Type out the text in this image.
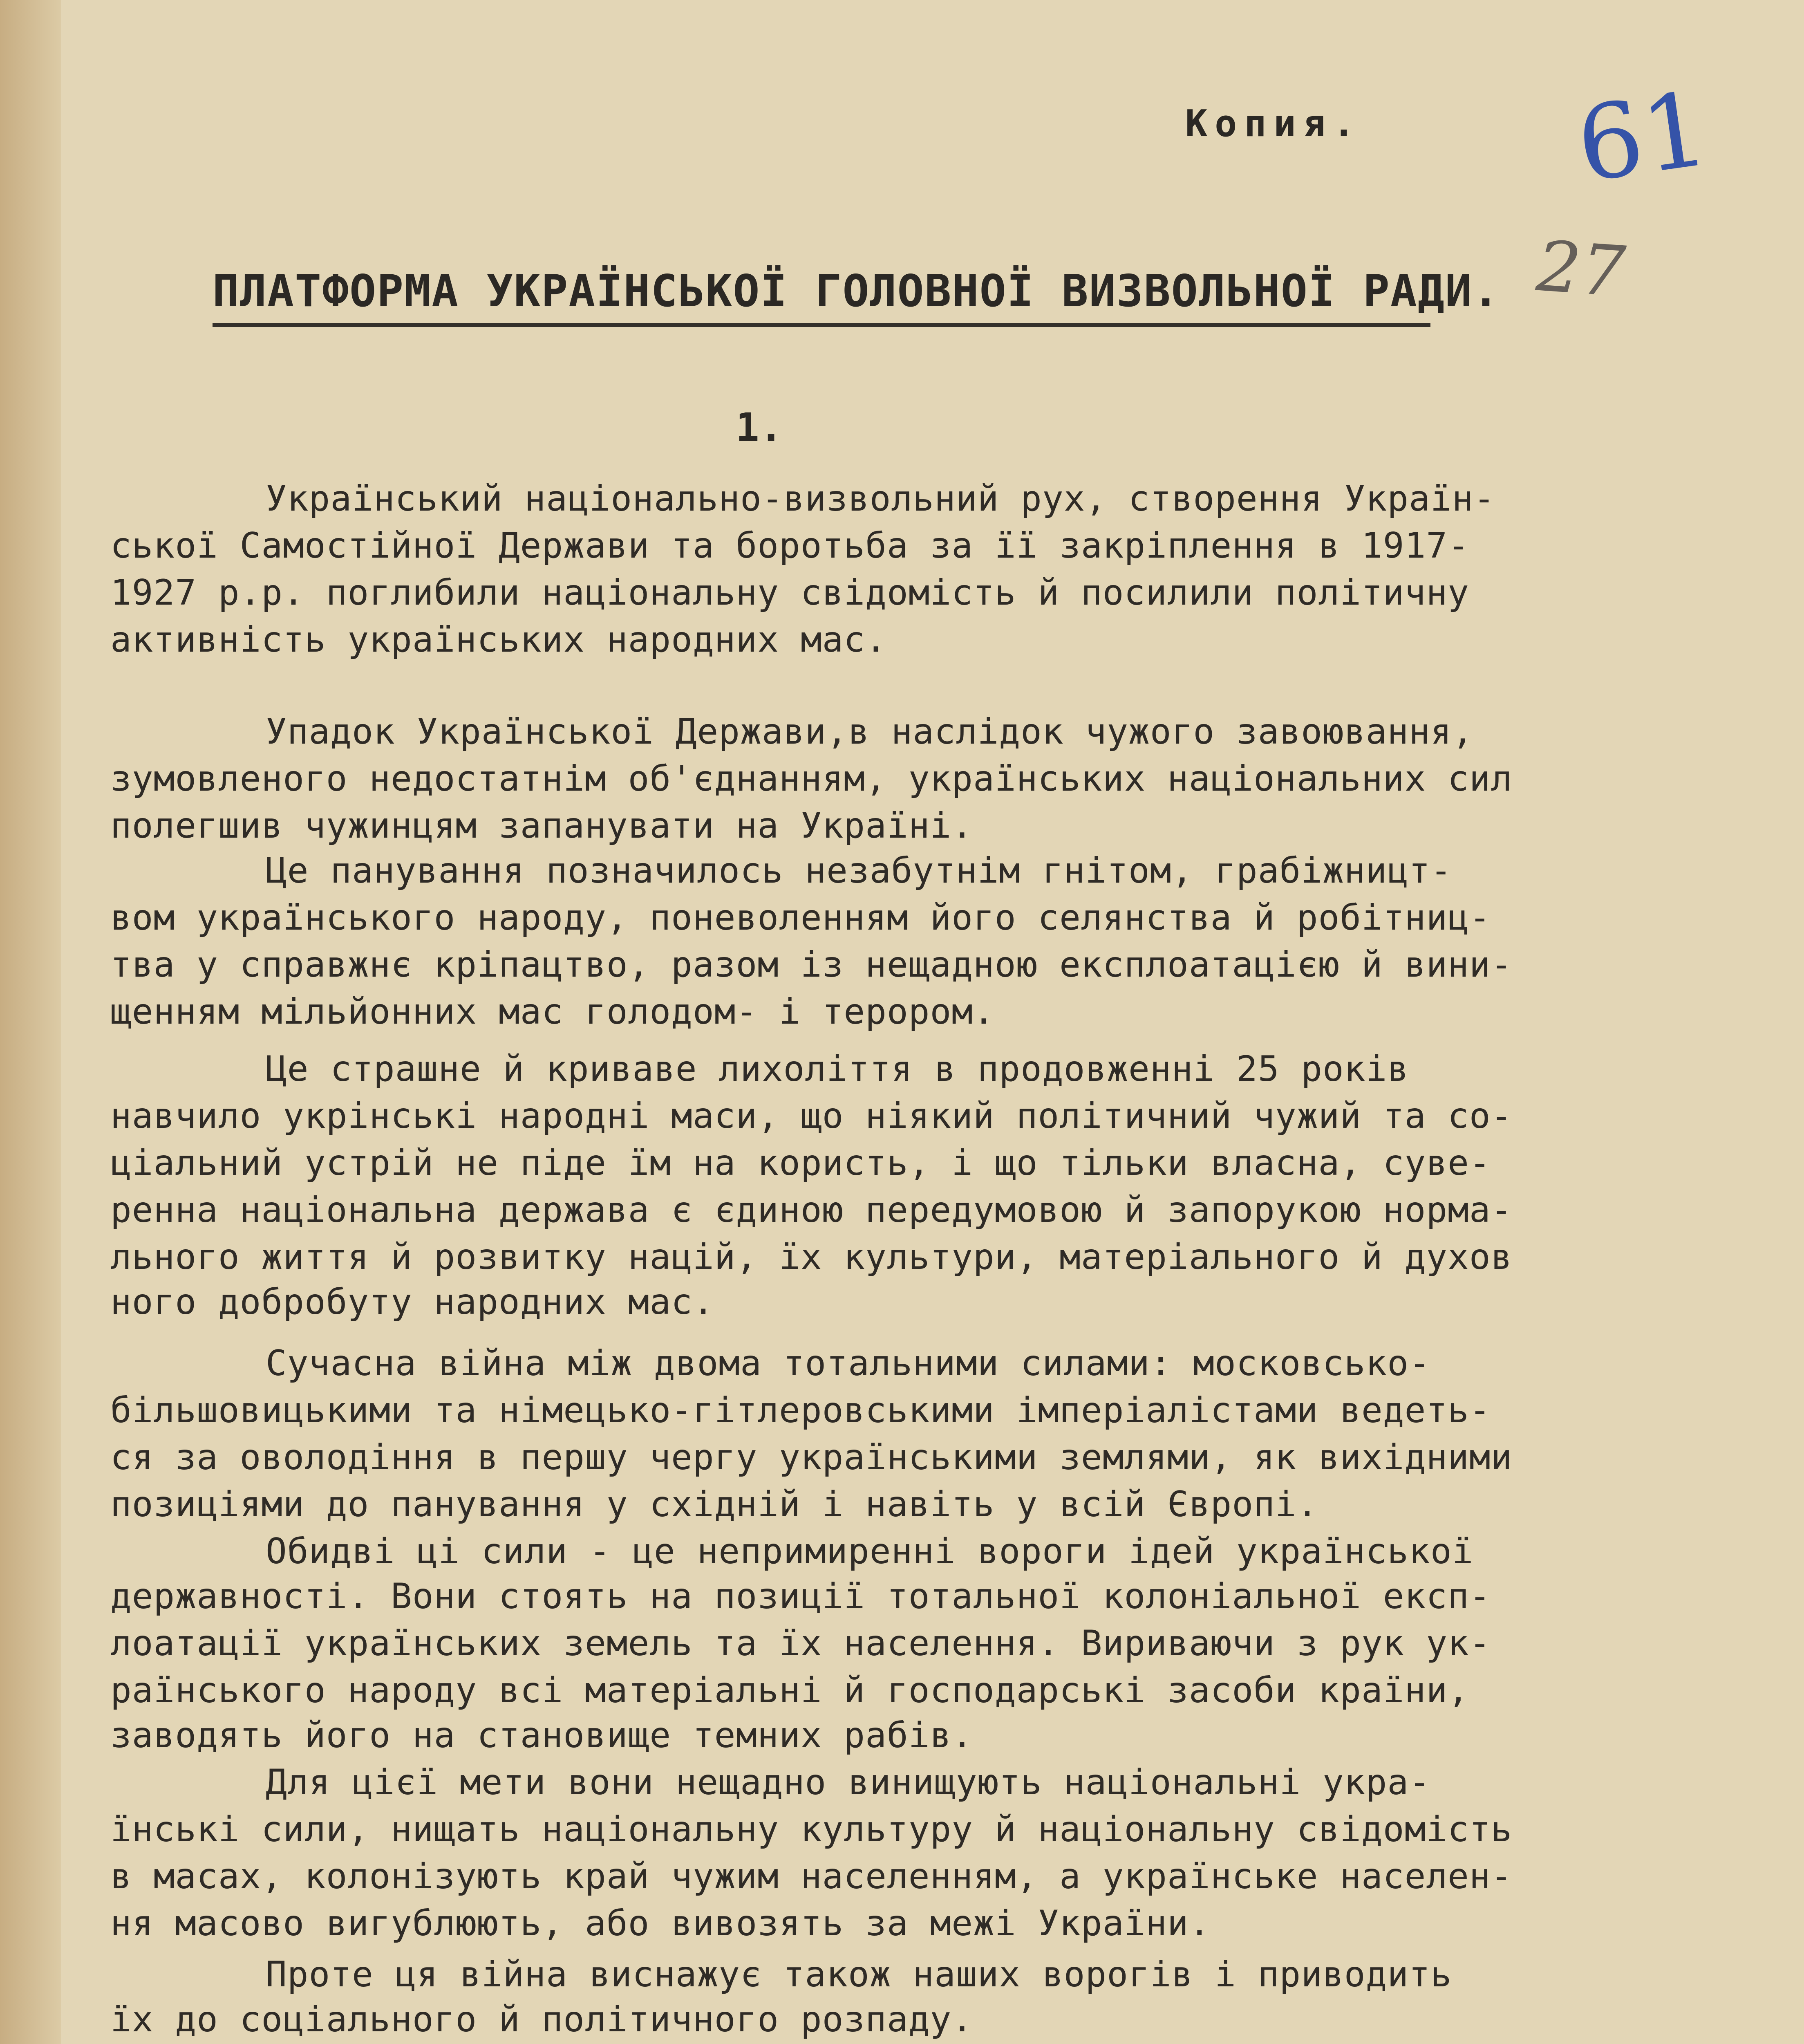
Копия. 61
27
ПЛАТФОРМА УКРАЇНСЬКОЇ ГОЛОВНОЇ ВИЗВОЛЬНОЇ РАДИ.
1.
Український національно-визвольний рух, створення Україн-
ської Самостійної Держави та боротьба за її закріплення в 1917-
1927 р.р. поглибили національну свідомість й посилили політичну
активність українських народних мас.
Упадок Української Держави,в наслідок чужого завоювання,
зумовленого недостатнім об'єднанням, українських національних сил
полегшив чужинцям запанувати на Україні.
Це панування позначилось незабутнім гнітом, грабіжницт-
вом українського народу, поневоленням його селянства й робітниц-
тва у справжнє кріпацтво, разом із нещадною експлоатацією й вини-
щенням мільйонних мас голодом- і терором.
Це страшне й криваве лихоліття в продовженні 25 років
навчило укрінські народні маси, що ніякий політичний чужий та со-
ціальний устрій не піде їм на користь, і що тільки власна, суве-
ренна національна держава є єдиною передумовою й запорукою норма-
льного життя й розвитку націй, їх культури, матеріального й духов
ного добробуту народних мас.
Сучасна війна між двома тотальними силами: московсько-
більшовицькими та німецько-гітлеровськими імперіалістами ведеть-
ся за оволодіння в першу чергу українськими землями, як вихідними
позиціями до панування у східній і навіть у всій Європі.
Обидві ці сили - це непримиренні вороги ідей української
державності. Вони стоять на позиції тотальної колоніальної експ-
лоатації українських земель та їх населення. Вириваючи з рук ук-
раїнського народу всі матеріальні й господарські засоби країни,
заводять його на становище темних рабів.
Для цієї мети вони нещадно винищують національні укра-
їнські сили, нищать національну культуру й національну свідомість
в масах, колонізують край чужим населенням, а українське населен-
ня масово вигублюють, або вивозять за межі України.
Проте ця війна виснажує також наших ворогів і приводить
їх до соціального й політичного розпаду.
